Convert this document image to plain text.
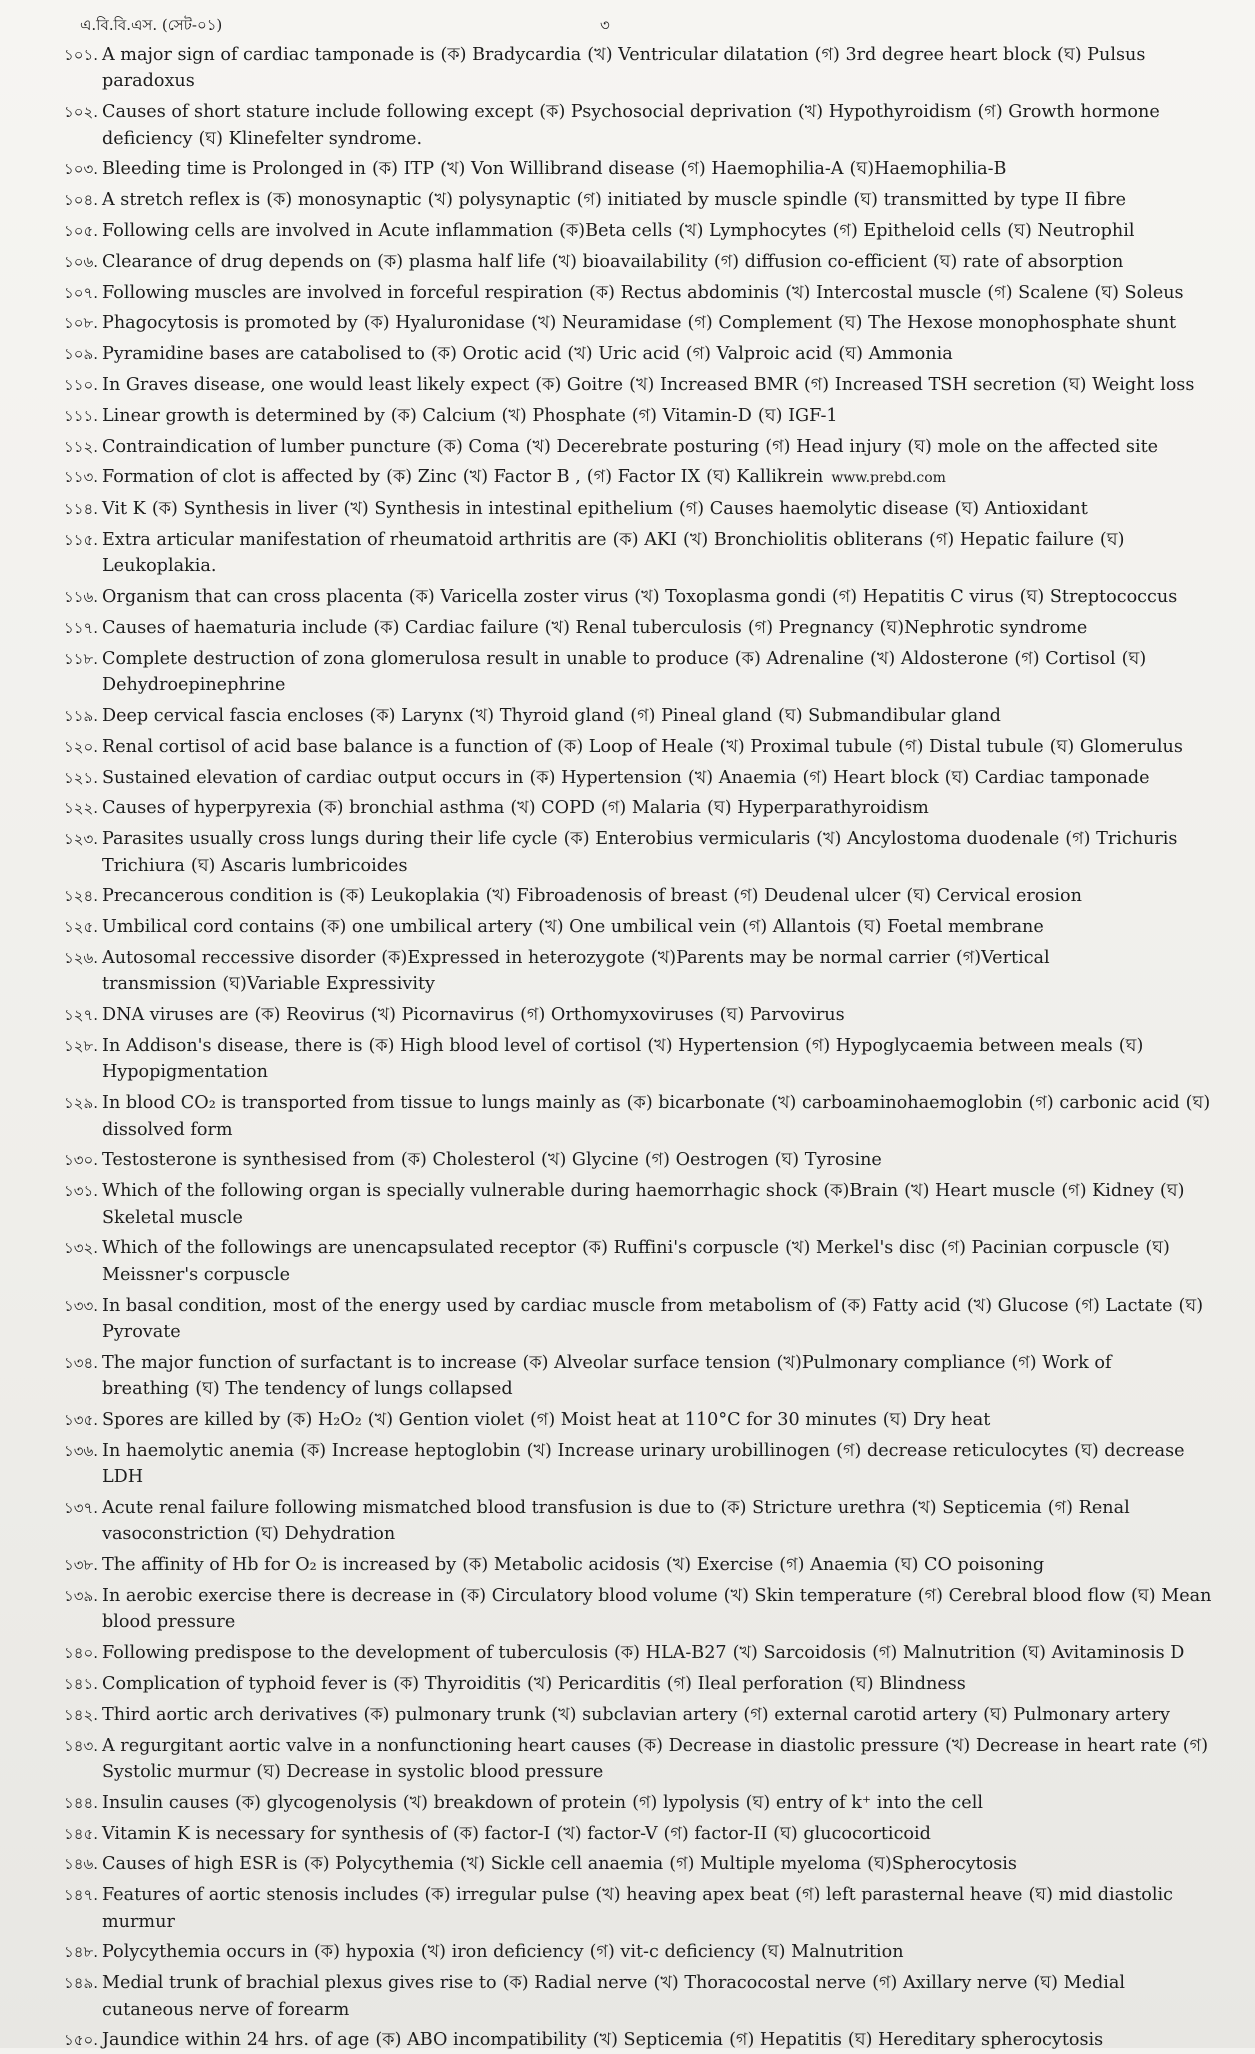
এ.বি.বি.এস. (সেট-০১)	৩
১০১. A major sign of cardiac tamponade is (ক) Bradycardia (খ) Ventricular dilatation (গ) 3rd degree heart block (ঘ) Pulsus paradoxus
১০২. Causes of short stature include following except (ক) Psychosocial deprivation (খ) Hypothyroidism (গ) Growth hormone deficiency (ঘ) Klinefelter syndrome.
১০৩. Bleeding time is Prolonged in (ক) ITP (খ) Von Willibrand disease (গ) Haemophilia-A (ঘ)Haemophilia-B
১০৪. A stretch reflex is (ক) monosynaptic (খ) polysynaptic (গ) initiated by muscle spindle (ঘ) transmitted by type II fibre
১০৫. Following cells are involved in Acute inflammation (ক)Beta cells (খ) Lymphocytes (গ) Epitheloid cells (ঘ) Neutrophil
১০৬. Clearance of drug depends on (ক) plasma half life (খ) bioavailability (গ) diffusion co-efficient (ঘ) rate of absorption
১০৭. Following muscles are involved in forceful respiration (ক) Rectus abdominis (খ) Intercostal muscle (গ) Scalene (ঘ) Soleus
১০৮. Phagocytosis is promoted by (ক) Hyaluronidase (খ) Neuramidase (গ) Complement (ঘ) The Hexose monophosphate shunt
১০৯. Pyramidine bases are catabolised to (ক) Orotic acid (খ) Uric acid (গ) Valproic acid (ঘ) Ammonia
১১০. In Graves disease, one would least likely expect (ক) Goitre (খ) Increased BMR (গ) Increased TSH secretion (ঘ) Weight loss
১১১. Linear growth is determined by (ক) Calcium (খ) Phosphate (গ) Vitamin-D (ঘ) IGF-1
১১২. Contraindication of lumber puncture (ক) Coma (খ) Decerebrate posturing (গ) Head injury (ঘ) mole on the affected site
১১৩. Formation of clot is affected by (ক) Zinc (খ) Factor B , (গ) Factor IX (ঘ) Kallikrein www.prebd.com
১১৪. Vit K (ক) Synthesis in liver (খ) Synthesis in intestinal epithelium (গ) Causes haemolytic disease (ঘ) Antioxidant
১১৫. Extra articular manifestation of rheumatoid arthritis are (ক) AKI (খ) Bronchiolitis obliterans (গ) Hepatic failure (ঘ) Leukoplakia.
১১৬. Organism that can cross placenta (ক) Varicella zoster virus (খ) Toxoplasma gondi (গ) Hepatitis C virus (ঘ) Streptococcus
১১৭. Causes of haematuria include (ক) Cardiac failure (খ) Renal tuberculosis (গ) Pregnancy (ঘ)Nephrotic syndrome
১১৮. Complete destruction of zona glomerulosa result in unable to produce (ক) Adrenaline (খ) Aldosterone (গ) Cortisol (ঘ) Dehydroepinephrine
১১৯. Deep cervical fascia encloses (ক) Larynx (খ) Thyroid gland (গ) Pineal gland (ঘ) Submandibular gland
১২০. Renal cortisol of acid base balance is a function of (ক) Loop of Heale (খ) Proximal tubule (গ) Distal tubule (ঘ) Glomerulus
১২১. Sustained elevation of cardiac output occurs in (ক) Hypertension (খ) Anaemia (গ) Heart block (ঘ) Cardiac tamponade
১২২. Causes of hyperpyrexia (ক) bronchial asthma (খ) COPD (গ) Malaria (ঘ) Hyperparathyroidism
১২৩. Parasites usually cross lungs during their life cycle (ক) Enterobius vermicularis (খ) Ancylostoma duodenale (গ) Trichuris Trichiura (ঘ) Ascaris lumbricoides
১২৪. Precancerous condition is (ক) Leukoplakia (খ) Fibroadenosis of breast (গ) Deudenal ulcer (ঘ) Cervical erosion
১২৫. Umbilical cord contains (ক) one umbilical artery (খ) One umbilical vein (গ) Allantois (ঘ) Foetal membrane
১২৬. Autosomal reccessive disorder (ক)Expressed in heterozygote (খ)Parents may be normal carrier (গ)Vertical transmission (ঘ)Variable Expressivity
১২৭. DNA viruses are (ক) Reovirus (খ) Picornavirus (গ) Orthomyxoviruses (ঘ) Parvovirus
১২৮. In Addison's disease, there is (ক) High blood level of cortisol (খ) Hypertension (গ) Hypoglycaemia between meals (ঘ) Hypopigmentation
১২৯. In blood CO₂ is transported from tissue to lungs mainly as (ক) bicarbonate (খ) carboaminohaemoglobin (গ) carbonic acid (ঘ) dissolved form
১৩০. Testosterone is synthesised from (ক) Cholesterol (খ) Glycine (গ) Oestrogen (ঘ) Tyrosine
১৩১. Which of the following organ is specially vulnerable during haemorrhagic shock (ক)Brain (খ) Heart muscle (গ) Kidney (ঘ) Skeletal muscle
১৩২. Which of the followings are unencapsulated receptor (ক) Ruffini's corpuscle (খ) Merkel's disc (গ) Pacinian corpuscle (ঘ) Meissner's corpuscle
১৩৩. In basal condition, most of the energy used by cardiac muscle from metabolism of (ক) Fatty acid (খ) Glucose (গ) Lactate (ঘ) Pyrovate
১৩৪. The major function of surfactant is to increase (ক) Alveolar surface tension (খ)Pulmonary compliance (গ) Work of breathing (ঘ) The tendency of lungs collapsed
১৩৫. Spores are killed by (ক) H₂O₂ (খ) Gention violet (গ) Moist heat at 110°C for 30 minutes (ঘ) Dry heat
১৩৬. In haemolytic anemia (ক) Increase heptoglobin (খ) Increase urinary urobillinogen (গ) decrease reticulocytes (ঘ) decrease LDH
১৩৭. Acute renal failure following mismatched blood transfusion is due to (ক) Stricture urethra (খ) Septicemia (গ) Renal vasoconstriction (ঘ) Dehydration
১৩৮. The affinity of Hb for O₂ is increased by (ক) Metabolic acidosis (খ) Exercise (গ) Anaemia (ঘ) CO poisoning
১৩৯. In aerobic exercise there is decrease in (ক) Circulatory blood volume (খ) Skin temperature (গ) Cerebral blood flow (ঘ) Mean blood pressure
১৪০. Following predispose to the development of tuberculosis (ক) HLA-B27 (খ) Sarcoidosis (গ) Malnutrition (ঘ) Avitaminosis D
১৪১. Complication of typhoid fever is (ক) Thyroiditis (খ) Pericarditis (গ) Ileal perforation (ঘ) Blindness
১৪২. Third aortic arch derivatives (ক) pulmonary trunk (খ) subclavian artery (গ) external carotid artery (ঘ) Pulmonary artery
১৪৩. A regurgitant aortic valve in a nonfunctioning heart causes (ক) Decrease in diastolic pressure (খ) Decrease in heart rate (গ) Systolic murmur (ঘ) Decrease in systolic blood pressure
১৪৪. Insulin causes (ক) glycogenolysis (খ) breakdown of protein (গ) lypolysis (ঘ) entry of k⁺ into the cell
১৪৫. Vitamin K is necessary for synthesis of (ক) factor-I (খ) factor-V (গ) factor-II (ঘ) glucocorticoid
১৪৬. Causes of high ESR is (ক) Polycythemia (খ) Sickle cell anaemia (গ) Multiple myeloma (ঘ)Spherocytosis
১৪৭. Features of aortic stenosis includes (ক) irregular pulse (খ) heaving apex beat (গ) left parasternal heave (ঘ) mid diastolic murmur
১৪৮. Polycythemia occurs in (ক) hypoxia (খ) iron deficiency (গ) vit-c deficiency (ঘ) Malnutrition
১৪৯. Medial trunk of brachial plexus gives rise to (ক) Radial nerve (খ) Thoracocostal nerve (গ) Axillary nerve (ঘ) Medial cutaneous nerve of forearm
১৫০. Jaundice within 24 hrs. of age (ক) ABO incompatibility (খ) Septicemia (গ) Hepatitis (ঘ) Hereditary spherocytosis
